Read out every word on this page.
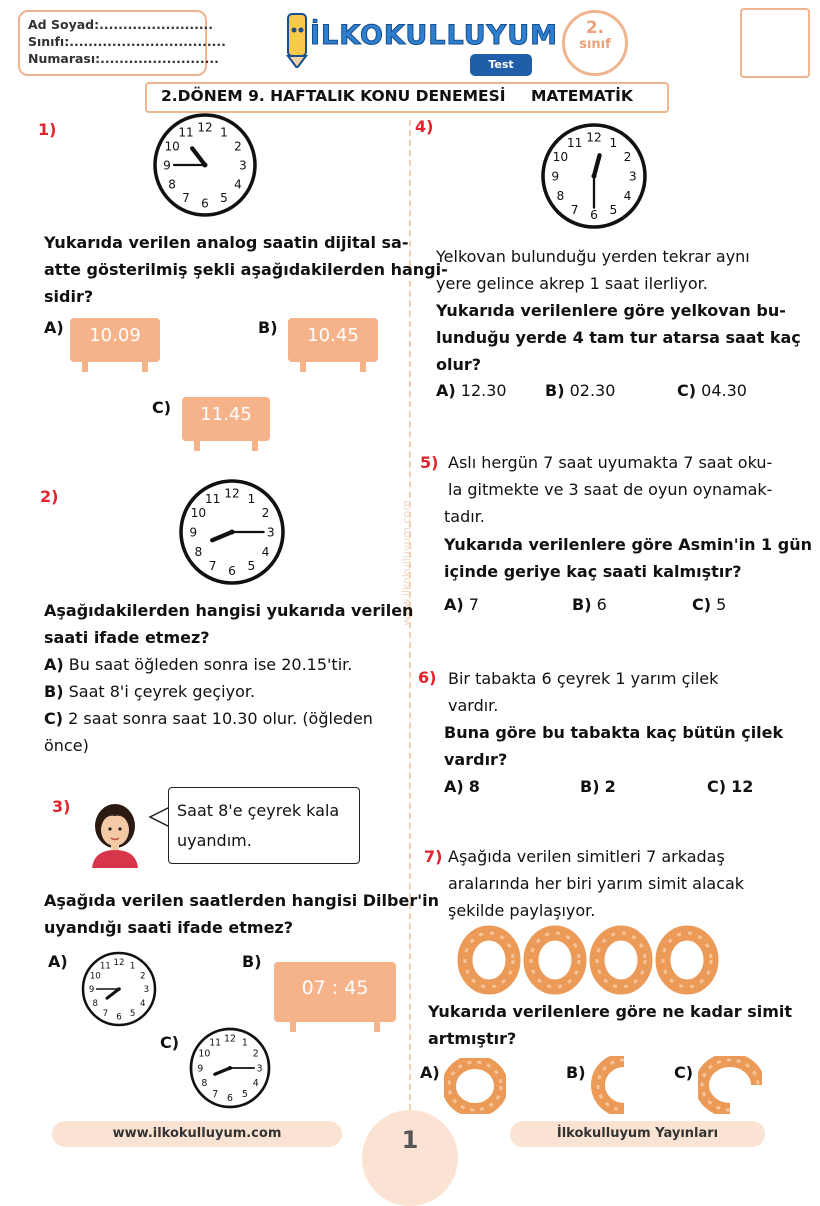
Ad Soyad:........................
Sınıfı:.................................
Numarası:.........................
İLKOKULLUYUM
Test
2.
sınıf
2.DÖNEM 9. HAFTALIK KONU DENEMESİ MATEMATİK
www.ilkokulluyum.com
1)	1
2
3
4
5
6
7
8
9
10
11 12
Yukarıda verilen analog saatin dijital sa-
atte gösterilmiş şekli aşağıdakilerden hangi-
sidir?
A)	10.09	B)	10.45
C)	11.45
2)	1
2
3
4
5
6
7
8
9
10
11 12
Aşağıdakilerden hangisi yukarıda verilen
saati ifade etmez?
A) Bu saat öğleden sonra ise 20.15'tir.
B) Saat 8'i çeyrek geçiyor.
C) 2 saat sonra saat 10.30 olur. (öğleden
önce)
3)	Saat 8'e çeyrek kala
uyandım.
Aşağıda verilen saatlerden hangisi Dilber'in
uyandığı saati ifade etmez?
A)	1
2
3
4
5
6
7
8
9
10
11 12	B)
07 : 45
C)	1
2
3
4
5
6
7
8
9
10
11 12
4)
1
2
3
4
5
6
7
8
9
10
11 12
Yelkovan bulunduğu yerden tekrar aynı
yere gelince akrep 1 saat ilerliyor.
Yukarıda verilenlere göre yelkovan bu-
lunduğu yerde 4 tam tur atarsa saat kaç
olur?
A) 12.30 B) 02.30	C) 04.30
5) Aslı hergün 7 saat uyumakta 7 saat oku-
la gitmekte ve 3 saat de oyun oynamak-
tadır.
Yukarıda verilenlere göre Asmin'in 1 gün
içinde geriye kaç saati kalmıştır?
A) 7	B) 6	C) 5
6) Bir tabakta 6 çeyrek 1 yarım çilek
vardır.
Buna göre bu tabakta kaç bütün çilek
vardır?
A) 8	B) 2	C) 12
7) Aşağıda verilen simitleri 7 arkadaş
aralarında her biri yarım simit alacak
şekilde paylaşıyor.
Yukarıda verilenlere göre ne kadar simit
artmıştır?
A)	B)	C)
1
www.ilkokulluyum.com	İlkokulluyum Yayınları
